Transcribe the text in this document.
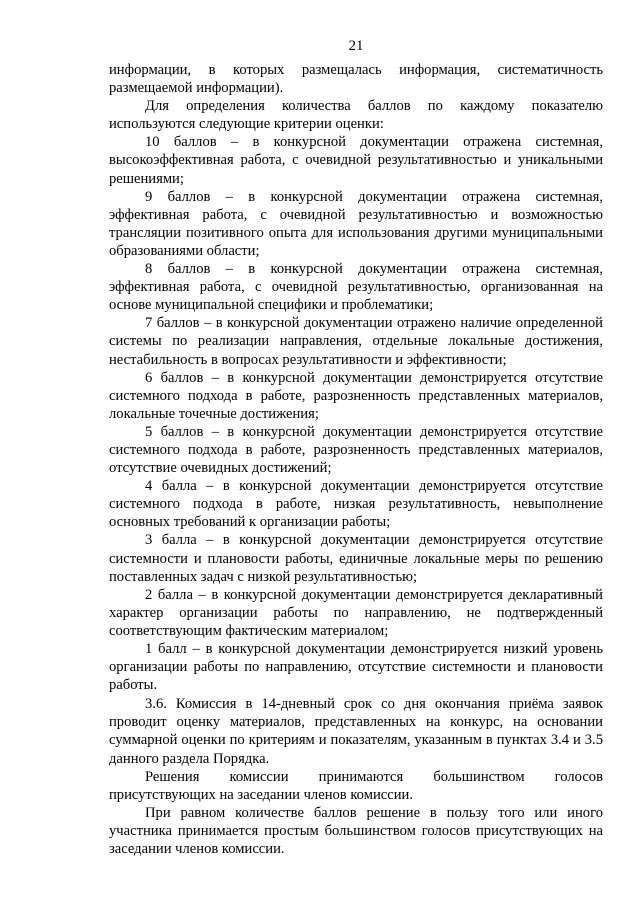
21

информации, в которых размещалась информация, систематичность размещаемой информации).

Для определения количества баллов по каждому показателю используются следующие критерии оценки:

10 баллов – в конкурсной документации отражена системная, высокоэффективная работа, с очевидной результативностью и уникальными решениями;

9 баллов – в конкурсной документации отражена системная, эффективная работа, с очевидной результативностью и возможностью трансляции позитивного опыта для использования другими муниципальными образованиями области;

8 баллов – в конкурсной документации отражена системная, эффективная работа, с очевидной результативностью, организованная на основе муниципальной специфики и проблематики;

7 баллов – в конкурсной документации отражено наличие определенной системы по реализации направления, отдельные локальные достижения, нестабильность в вопросах результативности и эффективности;

6 баллов – в конкурсной документации демонстрируется отсутствие системного подхода в работе, разрозненность представленных материалов, локальные точечные достижения;

5 баллов – в конкурсной документации демонстрируется отсутствие системного подхода в работе, разрозненность представленных материалов, отсутствие очевидных достижений;

4 балла – в конкурсной документации демонстрируется отсутствие системного подхода в работе, низкая результативность, невыполнение основных требований к организации работы;

3 балла – в конкурсной документации демонстрируется отсутствие системности и плановости работы, единичные локальные меры по решению поставленных задач с низкой результативностью;

2 балла – в конкурсной документации демонстрируется декларативный характер организации работы по направлению, не подтвержденный соответствующим фактическим материалом;

1 балл – в конкурсной документации демонстрируется низкий уровень организации работы по направлению, отсутствие системности и плановости работы.

3.6. Комиссия в 14-дневный срок со дня окончания приёма заявок проводит оценку материалов, представленных на конкурс, на основании суммарной оценки по критериям и показателям, указанным в пунктах 3.4 и 3.5 данного раздела Порядка.

Решения комиссии принимаются большинством голосов присутствующих на заседании членов комиссии.

При равном количестве баллов решение в пользу того или иного участника принимается простым большинством голосов присутствующих на заседании членов комиссии.
